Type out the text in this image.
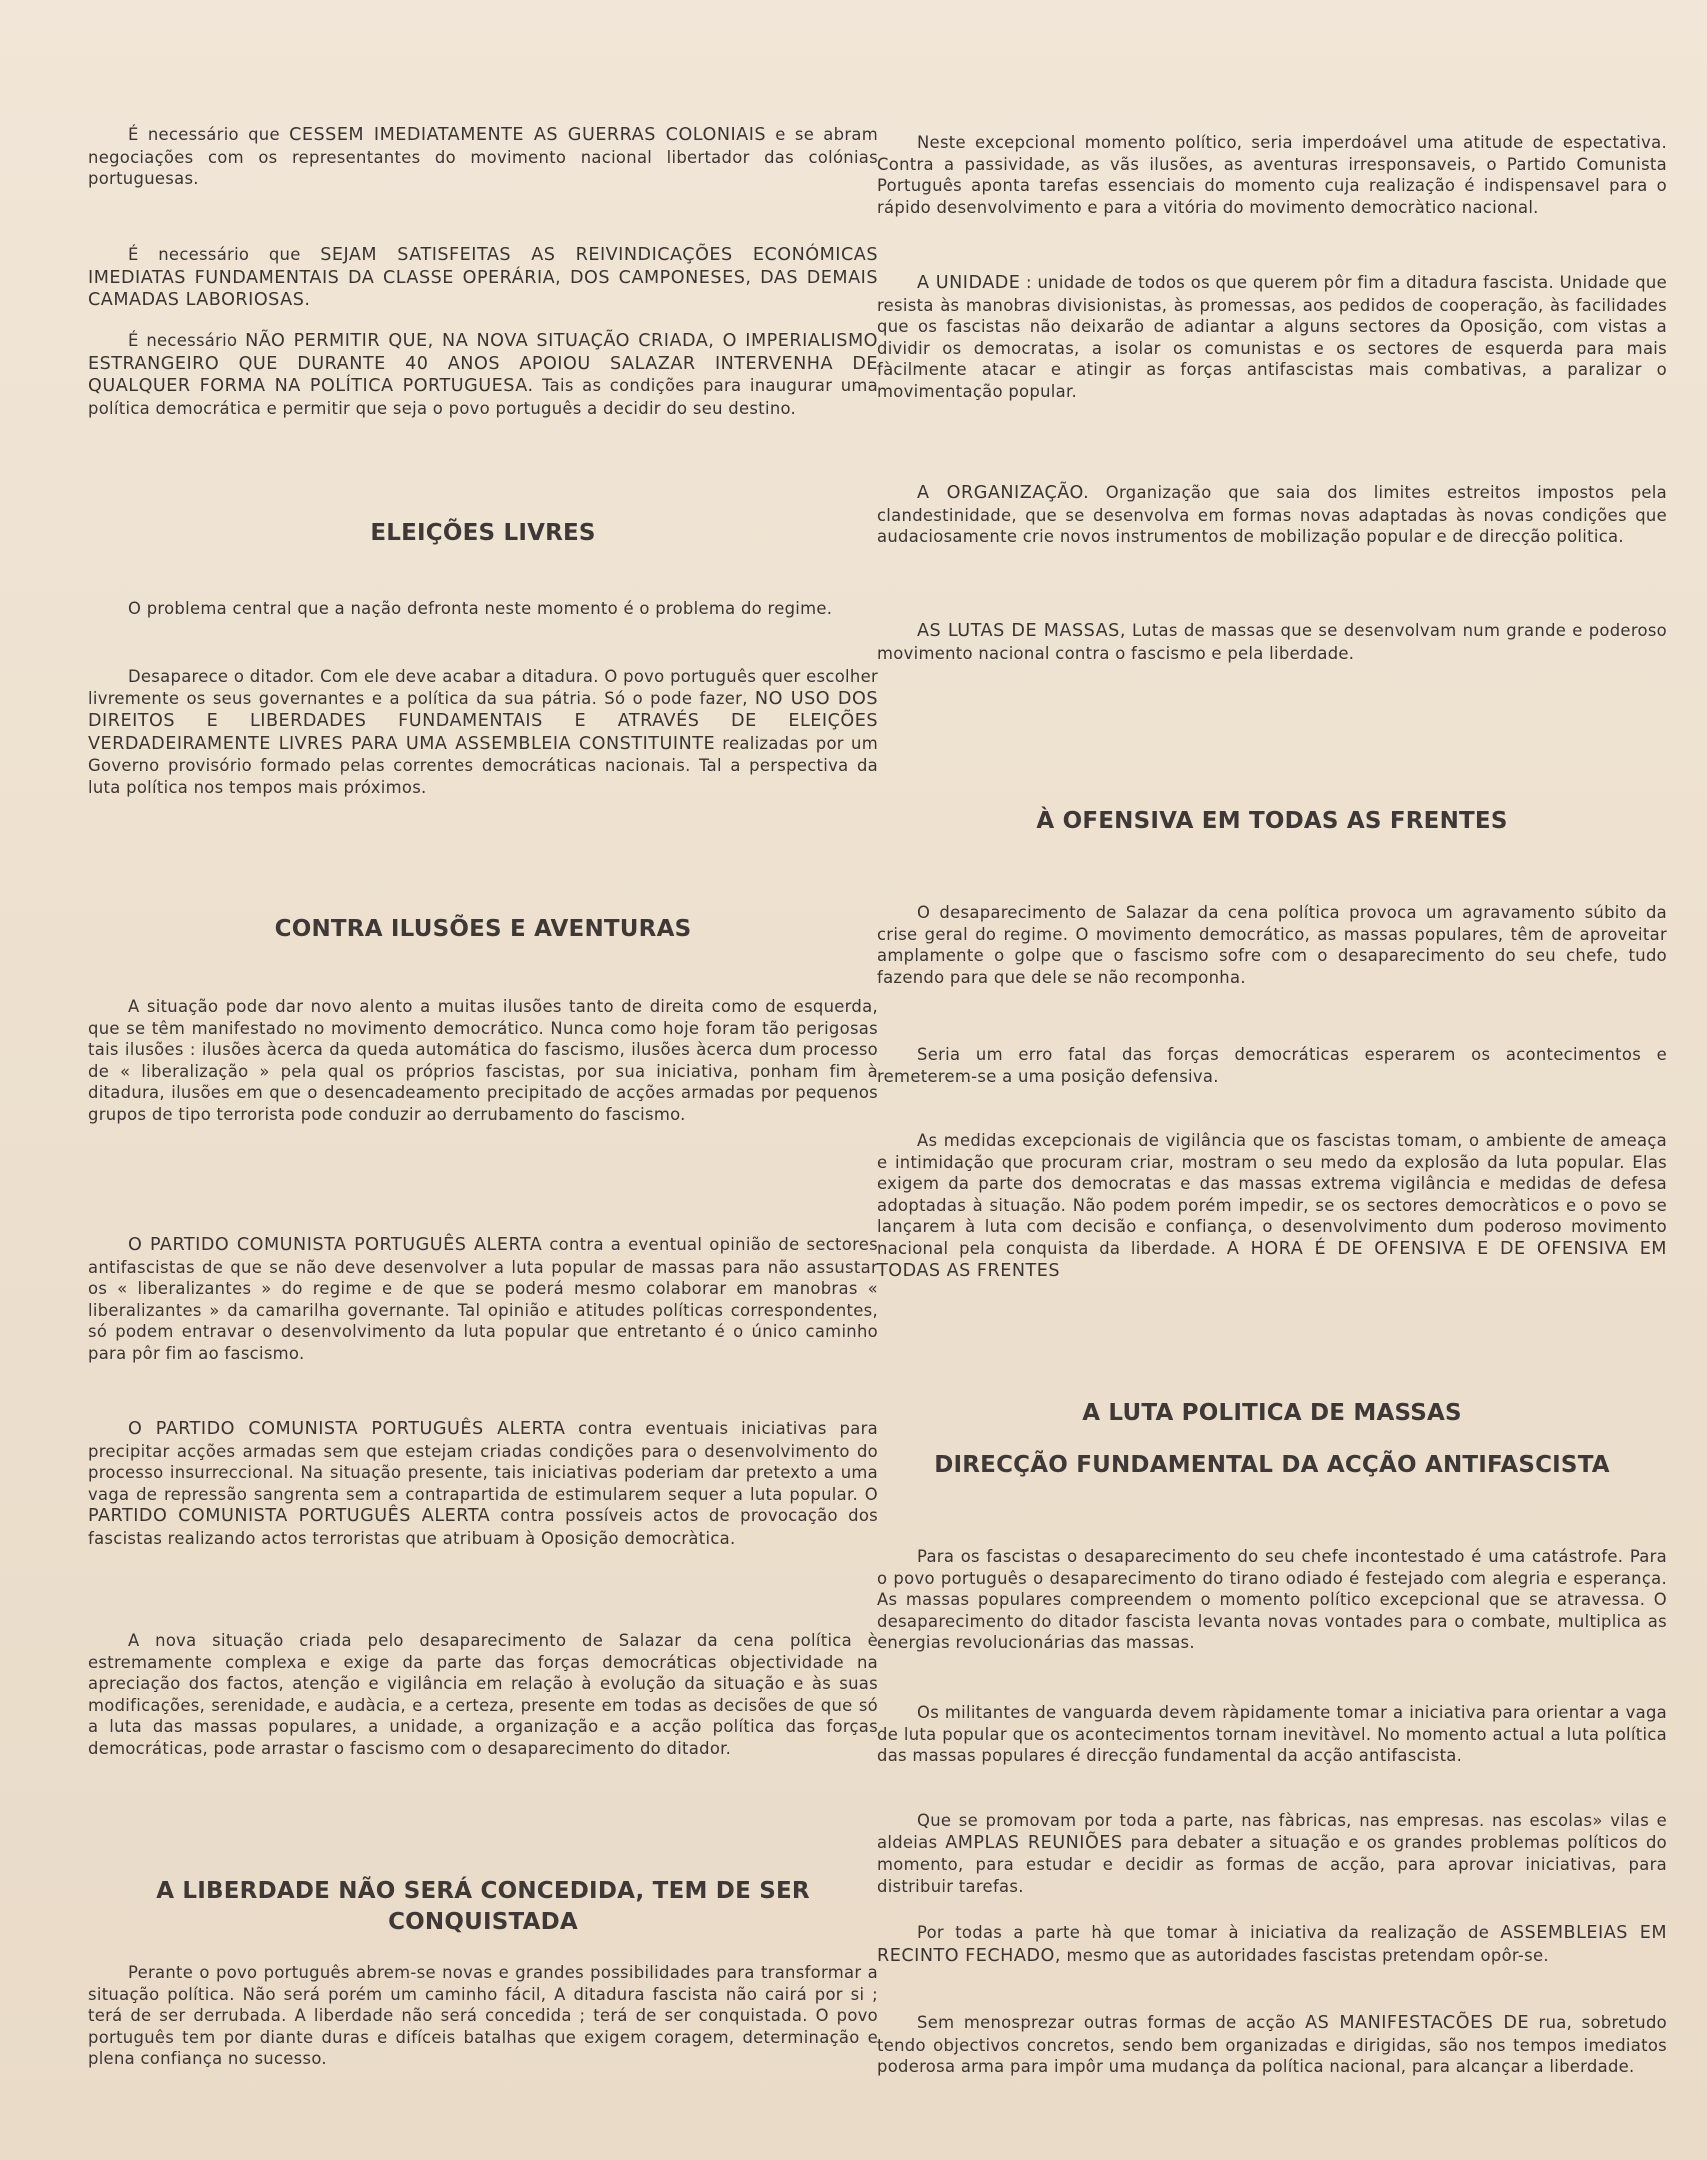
É necessário que CESSEM IMEDIATAMENTE AS GUERRAS COLONIAIS e se abram negociações com os representantes do movimento nacional libertador das colónias portuguesas.

É necessário que SEJAM SATISFEITAS AS REIVINDICAÇÕES ECONÓMICAS IMEDIATAS FUNDAMENTAIS DA CLASSE OPERÁRIA, DOS CAMPONESES, DAS DEMAIS CAMADAS LABORIOSAS.

É necessário NÃO PERMITIR QUE, NA NOVA SITUAÇÃO CRIADA, O IMPERIALISMO ESTRANGEIRO QUE DURANTE 40 ANOS APOIOU SALAZAR INTERVENHA DE QUALQUER FORMA NA POLÍTICA PORTUGUESA. Tais as condições para inaugurar uma política democrática e permitir que seja o povo português a decidir do seu destino.

ELEIÇÕES LIVRES

O problema central que a nação defronta neste momento é o problema do regime.

Desaparece o ditador. Com ele deve acabar a ditadura. O povo português quer escolher livremente os seus governantes e a política da sua pátria. Só o pode fazer, NO USO DOS DIREITOS E LIBERDADES FUNDAMENTAIS E ATRAVÉS DE ELEIÇÕES VERDADEIRAMENTE LIVRES PARA UMA ASSEMBLEIA CONSTITUINTE realizadas por um Governo provisório formado pelas correntes democráticas nacionais. Tal a perspectiva da luta política nos tempos mais próximos.

CONTRA ILUSÕES E AVENTURAS

A situação pode dar novo alento a muitas ilusões tanto de direita como de esquerda, que se têm manifestado no movimento democrático. Nunca como hoje foram tão perigosas tais ilusões : ilusões àcerca da queda automática do fascismo, ilusões àcerca dum processo de « liberalização » pela qual os próprios fascistas, por sua iniciativa, ponham fim à ditadura, ilusões em que o desencadeamento precipitado de acções armadas por pequenos grupos de tipo terrorista pode conduzir ao derrubamento do fascismo.

O PARTIDO COMUNISTA PORTUGUÊS ALERTA contra a eventual opinião de sectores antifascistas de que se não deve desenvolver a luta popular de massas para não assustar os « liberalizantes » do regime e de que se poderá mesmo colaborar em manobras « liberalizantes » da camarilha governante. Tal opinião e atitudes políticas correspondentes, só podem entravar o desenvolvimento da luta popular que entretanto é o único caminho para pôr fim ao fascismo.

O PARTIDO COMUNISTA PORTUGUÊS ALERTA contra eventuais iniciativas para precipitar acções armadas sem que estejam criadas condições para o desenvolvimento do processo insurreccional. Na situação presente, tais iniciativas poderiam dar pretexto a uma vaga de repressão sangrenta sem a contrapartida de estimularem sequer a luta popular. O PARTIDO COMUNISTA PORTUGUÊS ALERTA contra possíveis actos de provocação dos fascistas realizando actos terroristas que atribuam à Oposição democràtica.

A nova situação criada pelo desaparecimento de Salazar da cena política è estremamente complexa e exige da parte das forças democráticas objectividade na apreciação dos factos, atenção e vigilância em relação à evolução da situação e às suas modificações, serenidade, e audàcia, e a certeza, presente em todas as decisões de que só a luta das massas populares, a unidade, a organização e a acção política das forças democráticas, pode arrastar o fascismo com o desaparecimento do ditador.

A LIBERDADE NÃO SERÁ CONCEDIDA, TEM DE SER CONQUISTADA

Perante o povo português abrem-se novas e grandes possibilidades para transformar a situação política. Não será porém um caminho fácil, A ditadura fascista não cairá por si ; terá de ser derrubada. A liberdade não será concedida ; terá de ser conquistada. O povo português tem por diante duras e difíceis batalhas que exigem coragem, determinação e plena confiança no sucesso.

Neste excepcional momento político, seria imperdoável uma atitude de espectativa. Contra a passividade, as vãs ilusões, as aventuras irresponsaveis, o Partido Comunista Português aponta tarefas essenciais do momento cuja realização é indispensavel para o rápido desenvolvimento e para a vitória do movimento democràtico nacional.

A UNIDADE : unidade de todos os que querem pôr fim a ditadura fascista. Unidade que resista às manobras divisionistas, às promessas, aos pedidos de cooperação, às facilidades que os fascistas não deixarão de adiantar a alguns sectores da Oposição, com vistas a dividir os democratas, a isolar os comunistas e os sectores de esquerda para mais fàcilmente atacar e atingir as forças antifascistas mais combativas, a paralizar o movimentação popular.

A ORGANIZAÇÃO. Organização que saia dos limites estreitos impostos pela clandestinidade, que se desenvolva em formas novas adaptadas às novas condições que audaciosamente crie novos instrumentos de mobilização popular e de direcção politica.

AS LUTAS DE MASSAS, Lutas de massas que se desenvolvam num grande e poderoso movimento nacional contra o fascismo e pela liberdade.

À OFENSIVA EM TODAS AS FRENTES

O desaparecimento de Salazar da cena política provoca um agravamento súbito da crise geral do regime. O movimento democrático, as massas populares, têm de aproveitar amplamente o golpe que o fascismo sofre com o desaparecimento do seu chefe, tudo fazendo para que dele se não recomponha.

Seria um erro fatal das forças democráticas esperarem os acontecimentos e remeterem-se a uma posição defensiva.

As medidas excepcionais de vigilância que os fascistas tomam, o ambiente de ameaça e intimidação que procuram criar, mostram o seu medo da explosão da luta popular. Elas exigem da parte dos democratas e das massas extrema vigilância e medidas de defesa adoptadas à situação. Não podem porém impedir, se os sectores democràticos e o povo se lançarem à luta com decisão e confiança, o desenvolvimento dum poderoso movimento nacional pela conquista da liberdade. A HORA É DE OFENSIVA E DE OFENSIVA EM TODAS AS FRENTES

A LUTA POLITICA DE MASSAS
DIRECÇÃO FUNDAMENTAL DA ACÇÃO ANTIFASCISTA

Para os fascistas o desaparecimento do seu chefe incontestado é uma catástrofe. Para o povo português o desaparecimento do tirano odiado é festejado com alegria e esperança. As massas populares compreendem o momento político excepcional que se atravessa. O desaparecimento do ditador fascista levanta novas vontades para o combate, multiplica as energias revolucionárias das massas.

Os militantes de vanguarda devem ràpidamente tomar a iniciativa para orientar a vaga de luta popular que os acontecimentos tornam inevitàvel. No momento actual a luta política das massas populares é direcção fundamental da acção antifascista.

Que se promovam por toda a parte, nas fàbricas, nas empresas. nas escolas» vilas e aldeias AMPLAS REUNIÕES para debater a situação e os grandes problemas políticos do momento, para estudar e decidir as formas de acção, para aprovar iniciativas, para distribuir tarefas.

Por todas a parte hà que tomar à iniciativa da realização de ASSEMBLEIAS EM RECINTO FECHADO, mesmo que as autoridades fascistas pretendam opôr-se.

Sem menosprezar outras formas de acção AS MANIFESTACÕES DE rua, sobretudo tendo objectivos concretos, sendo bem organizadas e dirigidas, são nos tempos imediatos poderosa arma para impôr uma mudança da política nacional, para alcançar a liberdade.
